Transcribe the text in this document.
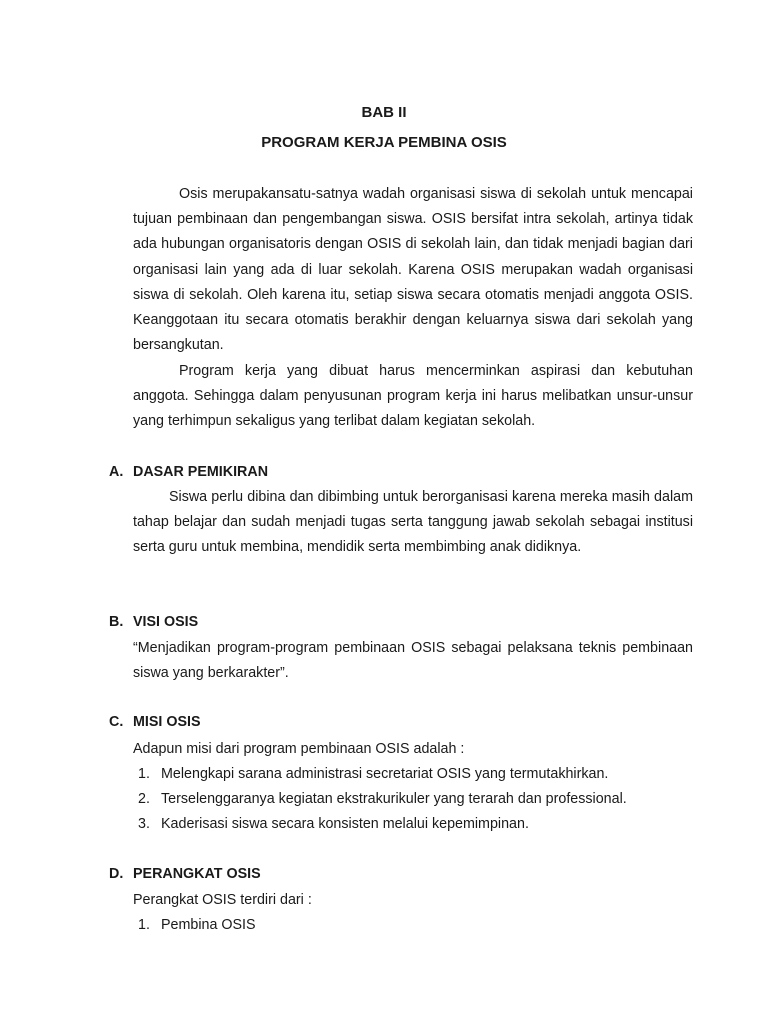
BAB II
PROGRAM KERJA PEMBINA OSIS

Osis merupakansatu-satnya wadah organisasi siswa di sekolah untuk mencapai tujuan pembinaan dan pengembangan siswa. OSIS bersifat intra sekolah, artinya tidak ada hubungan organisatoris dengan OSIS di sekolah lain, dan tidak menjadi bagian dari organisasi lain yang ada di luar sekolah. Karena OSIS merupakan wadah organisasi siswa di sekolah. Oleh karena itu, setiap siswa secara otomatis menjadi anggota OSIS. Keanggotaan itu secara otomatis berakhir dengan keluarnya siswa dari sekolah yang bersangkutan.

Program kerja yang dibuat harus mencerminkan aspirasi dan kebutuhan anggota. Sehingga dalam penyusunan program kerja ini harus melibatkan unsur-unsur yang terhimpun sekaligus yang terlibat dalam kegiatan sekolah.

A. DASAR PEMIKIRAN

Siswa perlu dibina dan dibimbing untuk berorganisasi karena mereka masih dalam tahap belajar dan sudah menjadi tugas serta tanggung jawab sekolah sebagai institusi serta guru untuk membina, mendidik serta membimbing anak didiknya.

B. VISI OSIS

“Menjadikan program-program pembinaan OSIS sebagai pelaksana teknis pembinaan siswa yang berkarakter”.

C. MISI OSIS
Adapun misi dari program pembinaan OSIS adalah :
1. Melengkapi sarana administrasi secretariat OSIS yang termutakhirkan.
2. Terselenggaranya kegiatan ekstrakurikuler yang terarah dan professional.
3. Kaderisasi siswa secara konsisten melalui kepemimpinan.
D. PERANGKAT OSIS
Perangkat OSIS terdiri dari :
1. Pembina OSIS
